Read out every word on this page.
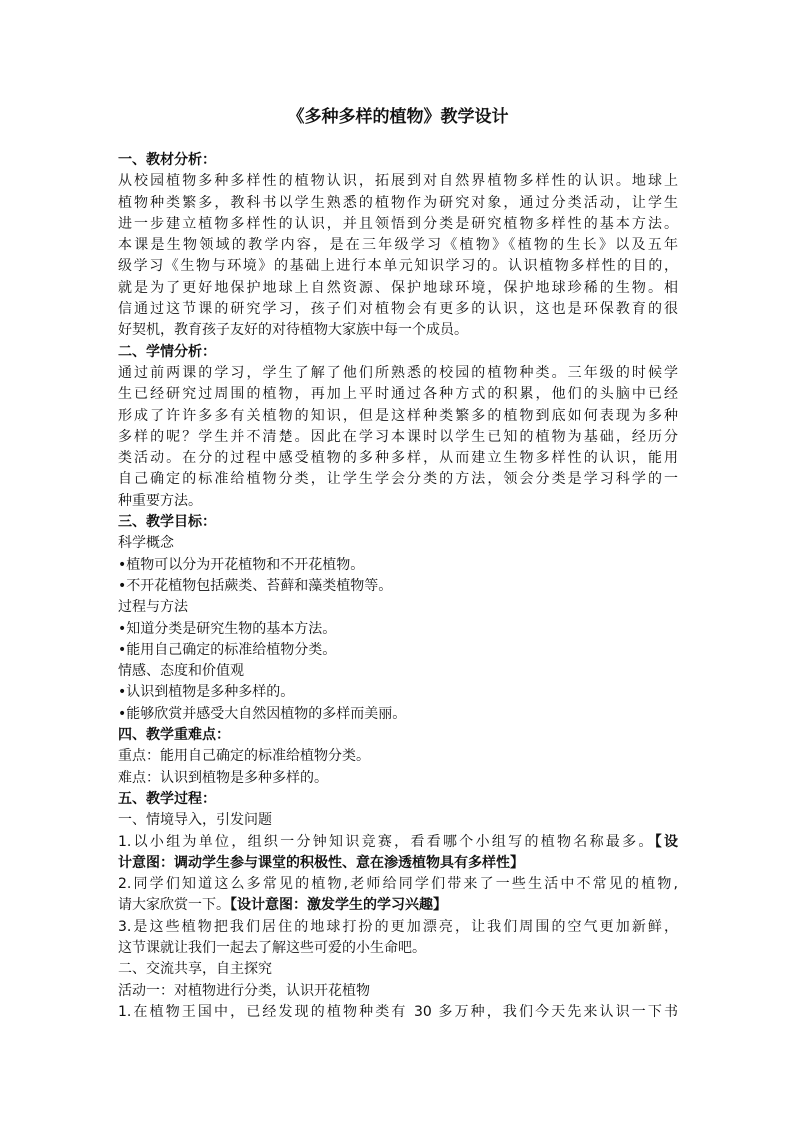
《多种多样的植物》教学设计
一、教材分析：
从校园植物多种多样性的植物认识，拓展到对自然界植物多样性的认识。地球上
植物种类繁多，教科书以学生熟悉的植物作为研究对象，通过分类活动，让学生
进一步建立植物多样性的认识，并且领悟到分类是研究植物多样性的基本方法。
本课是生物领域的教学内容，是在三年级学习《植物》《植物的生长》以及五年
级学习《生物与环境》的基础上进行本单元知识学习的。认识植物多样性的目的，
就是为了更好地保护地球上自然资源、保护地球环境，保护地球珍稀的生物。相
信通过这节课的研究学习，孩子们对植物会有更多的认识，这也是环保教育的很
好契机，教育孩子友好的对待植物大家族中每一个成员。
二、学情分析：
通过前两课的学习，学生了解了他们所熟悉的校园的植物种类。三年级的时候学
生已经研究过周围的植物，再加上平时通过各种方式的积累，他们的头脑中已经
形成了许许多多有关植物的知识，但是这样种类繁多的植物到底如何表现为多种
多样的呢？学生并不清楚。因此在学习本课时以学生已知的植物为基础，经历分
类活动。在分的过程中感受植物的多种多样，从而建立生物多样性的认识，能用
自己确定的标准给植物分类，让学生学会分类的方法，领会分类是学习科学的一
种重要方法。
三、教学目标：
科学概念
•植物可以分为开花植物和不开花植物。
•不开花植物包括蕨类、苔藓和藻类植物等。
过程与方法
•知道分类是研究生物的基本方法。
•能用自己确定的标准给植物分类。
情感、态度和价值观
•认识到植物是多种多样的。
•能够欣赏并感受大自然因植物的多样而美丽。
四、教学重难点：
重点：能用自己确定的标准给植物分类。
难点：认识到植物是多种多样的。
五、教学过程：
一、情境导入，引发问题
1.以小组为单位，组织一分钟知识竞赛，看看哪个小组写的植物名称最多。【设
计意图：调动学生参与课堂的积极性、意在渗透植物具有多样性】
2.同学们知道这么多常见的植物,老师给同学们带来了一些生活中不常见的植物,
请大家欣赏一下。【设计意图：激发学生的学习兴趣】
3.是这些植物把我们居住的地球打扮的更加漂亮，让我们周围的空气更加新鲜，
这节课就让我们一起去了解这些可爱的小生命吧。
二、交流共享，自主探究
活动一：对植物进行分类，认识开花植物
1.在植物王国中，已经发现的植物种类有 30 多万种，我们今天先来认识一下书
